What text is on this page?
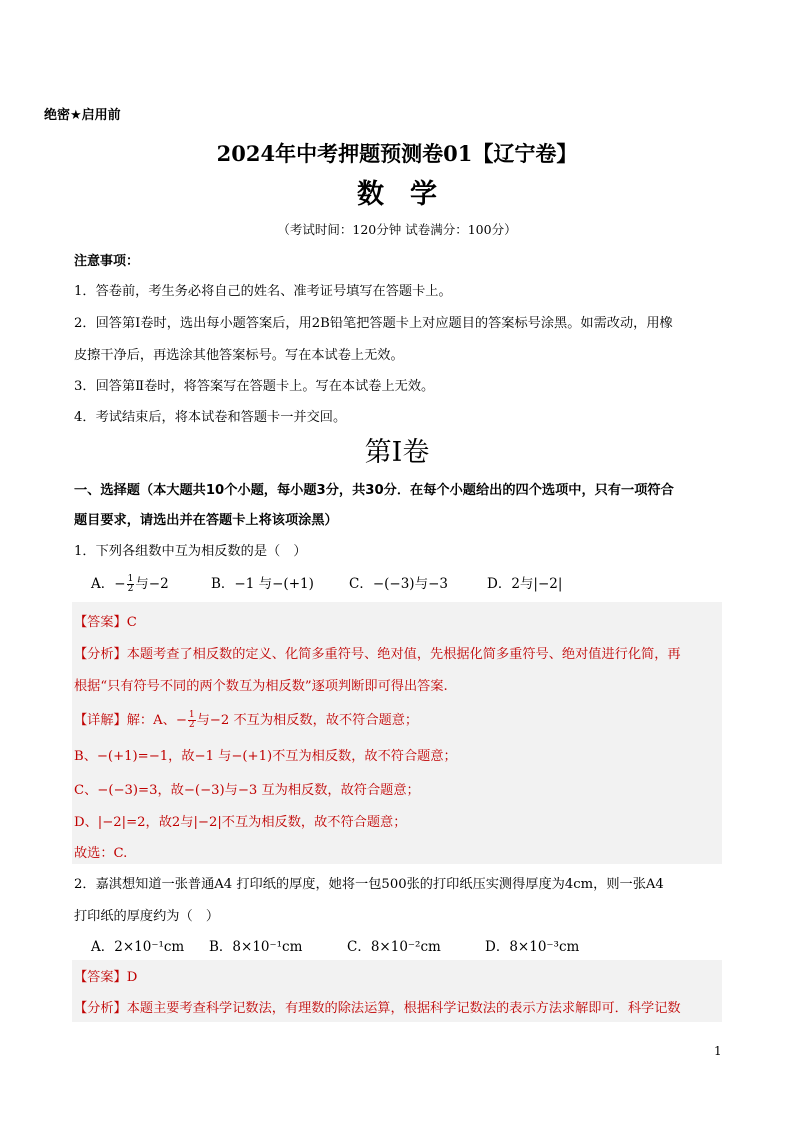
绝密★启用前
2024年中考押题预测卷01【辽宁卷】
数学
（考试时间：120分钟 试卷满分：100分）
注意事项：
1．答卷前，考生务必将自己的姓名、准考证号填写在答题卡上。
2．回答第Ⅰ卷时，选出每小题答案后，用2B铅笔把答题卡上对应题目的答案标号涂黑。如需改动，用橡
皮擦干净后，再选涂其他答案标号。写在本试卷上无效。
3．回答第Ⅱ卷时，将答案写在答题卡上。写在本试卷上无效。
4．考试结束后，将本试卷和答题卡一并交回。
第Ⅰ卷
一、选择题（本大题共10个小题，每小题3分，共30分．在每个小题给出的四个选项中，只有一项符合
题目要求，请选出并在答题卡上将该项涂黑）
1．下列各组数中互为相反数的是（　）
A．− $\frac{1}{2}$ 与−2	B．−1 与−(+1)	C．−(−3)与−3	D．2与|−2|
【答案】C
【分析】本题考查了相反数的定义、化简多重符号、绝对值，先根据化简多重符号、绝对值进行化简，再
根据“只有符号不同的两个数互为相反数”逐项判断即可得出答案.
【详解】解：A、− $\frac{1}{2}$ 与−2 不互为相反数，故不符合题意；
B、−(+1)=−1，故−1 与−(+1)不互为相反数，故不符合题意；
C、−(−3)=3，故−(−3)与−3 互为相反数，故符合题意；
D、|−2|=2，故2与|−2|不互为相反数，故不符合题意；
故选：C.
2．嘉淇想知道一张普通A4 打印纸的厚度，她将一包500张的打印纸压实测得厚度为4cm，则一张A4
打印纸的厚度约为（　）
A．2×10⁻¹cm B．8×10⁻¹cm	C．8×10⁻²cm	D．8×10⁻³cm
【答案】D
【分析】本题主要考查科学记数法，有理数的除法运算，根据科学记数法的表示方法求解即可．科学记数
1
